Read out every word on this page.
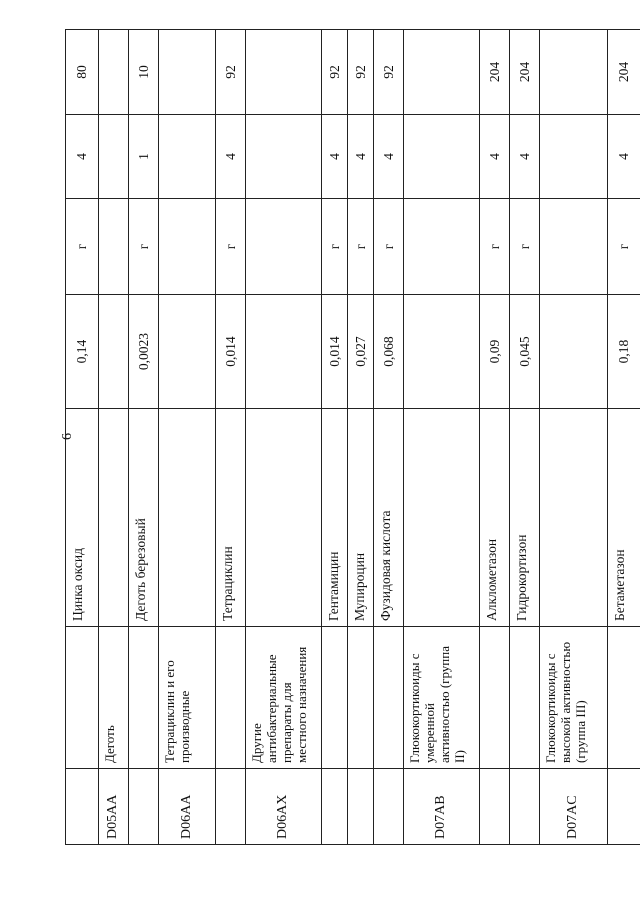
6
		Цинка оксид	0,14	г	4	80
D05AA	Деготь					
		Деготь березовый	0,0023	г	1	10
D06AA	Тетрациклин и его производные					
		Тетрациклин	0,014	г	4	92
D06AX	Другие антибактериальные препараты для местного назначения					
		Гентамицин	0,014	г	4	92
		Мупироцин	0,027	г	4	92
		Фузидовая кислота	0,068	г	4	92
D07AB	Глюкокортикоиды с умеренной активностью (группа II)					
		Алклометазон	0,09	г	4	204
		Гидрокортизон	0,045	г	4	204
D07AC	Глюкокортикоиды с высокой активностью (группа III)					
		Бетаметазон	0,18	г	4	204
